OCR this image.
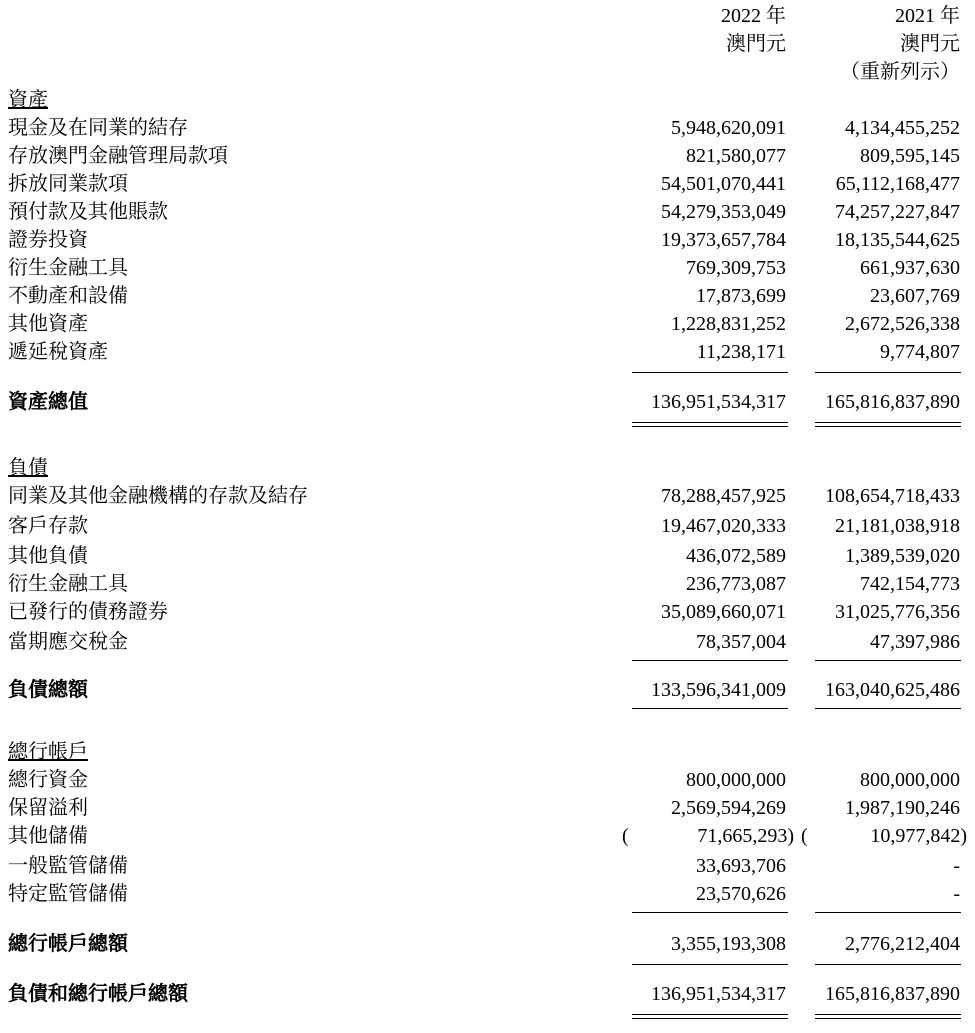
2022 年
澳門元
2021 年
澳門元
（重新列示）
資產
現金及在同業的結存	5,948,620,091	4,134,455,252
存放澳門金融管理局款項	821,580,077	809,595,145
拆放同業款項	54,501,070,441 65,112,168,477
預付款及其他賬款	54,279,353,049 74,257,227,847
證券投資	19,373,657,784 18,135,544,625
衍生金融工具	769,309,753	661,937,630
不動產和設備	17,873,699	23,607,769
其他資產	1,228,831,252	2,672,526,338
遞延稅資產	11,238,171	9,774,807
資產總值	136,951,534,317 165,816,837,890
負債
同業及其他金融機構的存款及結存	78,288,457,925 108,654,718,433
客戶存款	19,467,020,333 21,181,038,918
其他負債	436,072,589	1,389,539,020
衍生金融工具	236,773,087	742,154,773
已發行的債務證券	35,089,660,071 31,025,776,356
當期應交稅金	78,357,004	47,397,986
負債總額	133,596,341,009 163,040,625,486
總行帳戶
總行資金	800,000,000	800,000,000
保留溢利	2,569,594,269	1,987,190,246
其他儲備	(	71,665,293) (	10,977,842)
一般監管儲備	33,693,706	-
特定監管儲備	23,570,626	-
總行帳戶總額	3,355,193,308	2,776,212,404
負債和總行帳戶總額	136,951,534,317 165,816,837,890
